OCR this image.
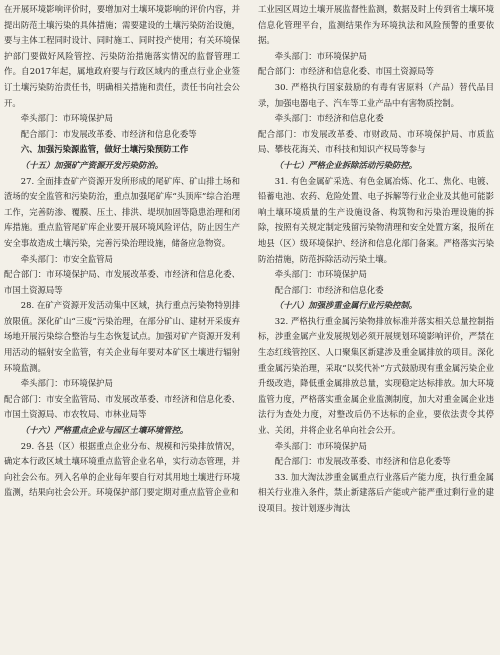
在开展环境影响评价时，要增加对土壤环境影响的评价内容，并提出防范土壤污染的具体措施；需要建设的土壤污染防治设施，要与主体工程同时设计、同时施工、同时投产使用；有关环境保护部门要做好风险管控、污染防治措施落实情况的监督管理工作。自2017年起，属地政府要与行政区域内的重点行业企业签订土壤污染防治责任书，明确相关措施和责任，责任书向社会公开。

牵头部门：市环境保护局

配合部门：市发展改革委、市经济和信息化委等

六、加强污染源监管，做好土壤污染预防工作

（十五）加强矿产资源开发污染防治。

27. 全面排查矿产资源开发所形成的尾矿库、矿山排土场和渣场的安全监管和污染防治，重点加强尾矿库“头顶库”综合治理工作，完善防渗、覆膜、压土、排洪、堤坝加固等隐患治理和闭库措施。重点监管尾矿库企业要开展环境风险评估，防止因生产安全事故造成土壤污染，完善污染治理设施，储备应急物资。

牵头部门：市安全监管局

配合部门：市环境保护局、市发展改革委、市经济和信息化委、市国土资源局等

28. 在矿产资源开发活动集中区域，执行重点污染物特别排放限值。深化矿山“三废”污染治理，在部分矿山、建材开采废弃场地开展污染综合整治与生态恢复试点。加强对矿产资源开发利用活动的辐射安全监管，有关企业每年要对本矿区土壤进行辐射环境监测。

牵头部门：市环境保护局

配合部门：市安全监管局、市发展改革委、市经济和信息化委、市国土资源局、市农牧局、市林业局等

（十六）严格重点企业与园区土壤环境管控。

29. 各县（区）根据重点企业分布、规模和污染排放情况，确定本行政区域土壤环境重点监管企业名单，实行动态管理，并向社会公布。列入名单的企业每年要自行对其用地土壤进行环境监测，结果向社会公开。环境保护部门要定期对重点监管企业和

工业园区周边土壤开展监督性监测，数据及时上传到省土壤环境信息化管理平台，监测结果作为环境执法和风险预警的重要依据。

牵头部门：市环境保护局

配合部门：市经济和信息化委、市国土资源局等

30. 严格执行国家鼓励的有毒有害原料（产品）替代品目录，加强电器电子、汽车等工业产品中有害物质控制。

牵头部门：市经济和信息化委

配合部门：市发展改革委、市财政局、市环境保护局、市质监局、攀枝花海关、市科技和知识产权局等参与

（十七）严格企业拆除活动污染防控。

31. 有色金属矿采选、有色金属冶炼、化工、焦化、电镀、铅蓄电池、农药、危险处置、电子拆解等行业企业及其他可能影响土壤环境质量的生产设施设备、构筑物和污染治理设施的拆除，按照有关规定制定残留污染物清理和安全处置方案，报所在地县（区）级环境保护、经济和信息化部门备案。严格落实污染防治措施，防范拆除活动污染土壤。

牵头部门：市环境保护局

配合部门：市经济和信息化委

（十八）加强涉重金属行业污染控制。

32. 严格执行重金属污染物排放标准并落实相关总量控制指标，涉重金属产业发展规划必须开展规划环境影响评价，严禁在生态红线管控区、人口聚集区新建涉及重金属排放的项目。深化重金属污染治理，采取“以奖代补”方式鼓励现有重金属污染企业升级改造，降低重金属排放总量，实现稳定达标排放。加大环境监管力度，严格落实重金属企业监测制度，加大对重金属企业违法行为查处力度，对整改后仍不达标的企业，要依法责令其停业、关闭，并将企业名单向社会公开。

牵头部门：市环境保护局

配合部门：市发展改革委、市经济和信息化委等

33. 加大淘汰涉重金属重点行业落后产能力度，执行重金属相关行业准入条件，禁止新建落后产能或产能严重过剩行业的建设项目。按计划逐步淘汰
